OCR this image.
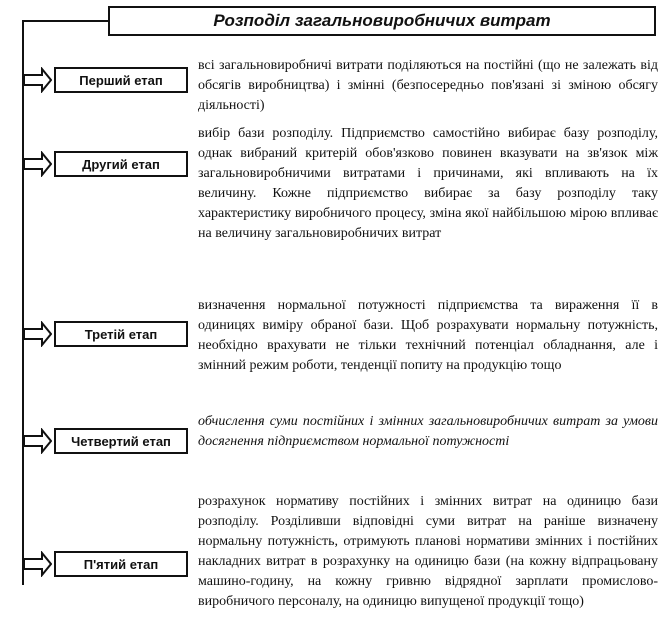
Розподіл загальновиробничих витрат
Перший етап
всі загальновиробничі витрати поділяються на постійні (що не залежать від обсягів виробництва) і змінні (безпосередньо пов'язані зі зміною обсягу діяльності)
Другий етап
вибір бази розподілу. Підприємство самостійно вибирає базу розподілу, однак вибраний критерій обов'язково повинен вказувати на зв'язок між загальновиробничими витратами і причинами, які впливають на їх величину. Кожне підприємство вибирає за базу розподілу таку характеристику виробничого процесу, зміна якої найбільшою мірою впливає на величину загальновиробничих витрат
Третій етап
визначення нормальної потужності підприємства та вираження її в одиницях виміру обраної бази. Щоб розрахувати нормальну потужність, необхідно врахувати не тільки технічний потенціал обладнання, але і змінний режим роботи, тенденції попиту на продукцію тощо
Четвертий етап
обчислення суми постійних і змінних загальновиробничих витрат за умови досягнення підприємством нормальної потужності
П'ятий етап
розрахунок нормативу постійних і змінних витрат на одиницю бази розподілу. Розділивши відповідні суми витрат на раніше визначену нормальну потужність, отримують планові нормативи змінних і постійних накладних витрат в розрахунку на одиницю бази (на кожну відпрацьовану машино-годину, на кожну гривню відрядної зарплати промислово-виробничого персоналу, на одиницю випущеної продукції тощо)
